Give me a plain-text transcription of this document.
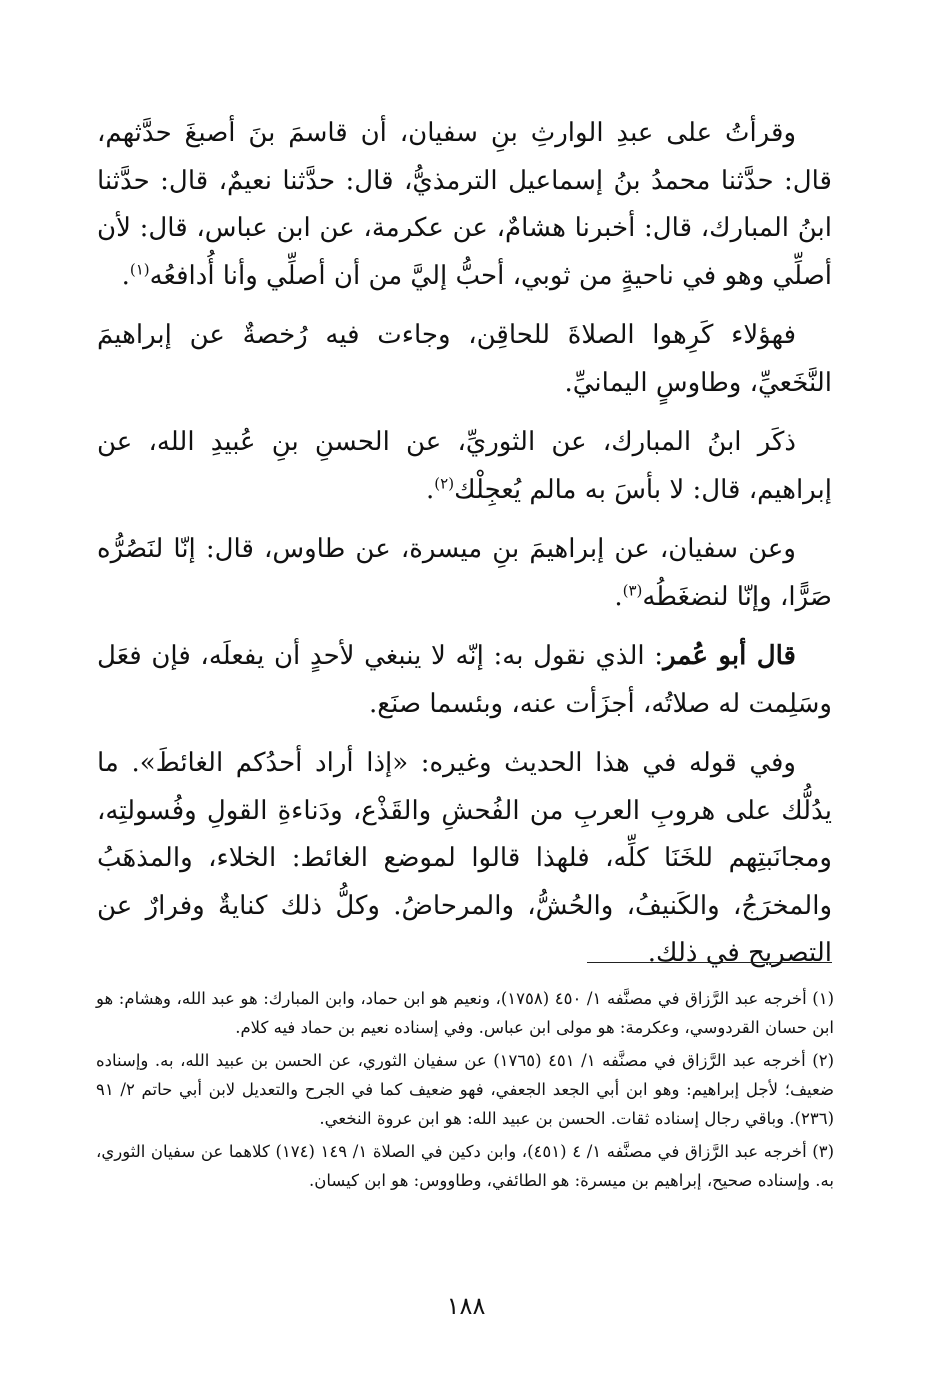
وقرأتُ على عبدِ الوارثِ بنِ سفيان، أن قاسمَ بنَ أصبغَ حدَّثهم، قال: حدَّثنا محمدُ بنُ إسماعيل الترمذيُّ، قال: حدَّثنا نعيمٌ، قال: حدَّثنا ابنُ المبارك، قال: أخبرنا هشامٌ، عن عكرمة، عن ابن عباس، قال: لأن أصلِّي وهو في ناحيةٍ من ثوبي، أحبُّ إليَّ من أن أصلِّي وأنا أُدافعُه$^{(١)}$.

فهؤلاء كَرِهوا الصلاةَ للحاقِن، وجاءت فيه رُخصةٌ عن إبراهيمَ النَّخَعيِّ، وطاوسٍ اليمانيِّ.

ذكَر ابنُ المبارك، عن الثوريِّ، عن الحسنِ بنِ عُبيدِ الله، عن إبراهيم، قال: لا بأسَ به مالم يُعجِلْك$^{(٢)}$.

وعن سفيان، عن إبراهيمَ بنِ ميسرة، عن طاوس، قال: إنّا لنَصُرُّه صَرًّا، وإنّا لنضغَطُه$^{(٣)}$.

قال أبو عُمر: الذي نقول به: إنّه لا ينبغي لأحدٍ أن يفعلَه، فإن فعَل وسَلِمت له صلاتُه، أجزَأت عنه، وبئسما صنَع.

وفي قوله في هذا الحديث وغيره: «إذا أراد أحدُكم الغائطَ». ما يدُلُّك على هروبِ العربِ من الفُحشِ والقَذْع، ودَناءةِ القولِ وفُسولتِه، ومجانَبتِهم للخَنَا كلِّه، فلهذا قالوا لموضع الغائط: الخلاء، والمذهَبُ والمخرَجُ، والكَنيفُ، والحُشُّ، والمرحاضُ. وكلُّ ذلك كنايةٌ وفرارٌ عن التصريح في ذلك.

(١) أخرجه عبد الرَّزاق في مصنَّفه ١/ ٤٥٠ (١٧٥٨)، ونعيم هو ابن حماد، وابن المبارك: هو عبد الله، وهشام: هو ابن حسان القردوسي، وعكرمة: هو مولى ابن عباس. وفي إسناده نعيم بن حماد فيه كلام.

(٢) أخرجه عبد الرَّزاق في مصنَّفه ١/ ٤٥١ (١٧٦٥) عن سفيان الثوري، عن الحسن بن عبيد الله، به. وإسناده ضعيف؛ لأجل إبراهيم: وهو ابن أبي الجعد الجعفي، فهو ضعيف كما في الجرح والتعديل لابن أبي حاتم ٢/ ٩١ (٢٣٦). وباقي رجال إسناده ثقات. الحسن بن عبيد الله: هو ابن عروة النخعي.

(٣) أخرجه عبد الرَّزاق في مصنَّفه ١/ ٤ (٤٥١)، وابن دكين في الصلاة ١/ ١٤٩ (١٧٤) كلاهما عن سفيان الثوري، به. وإسناده صحيح، إبراهيم بن ميسرة: هو الطائفي، وطاووس: هو ابن كيسان.

١٨٨
